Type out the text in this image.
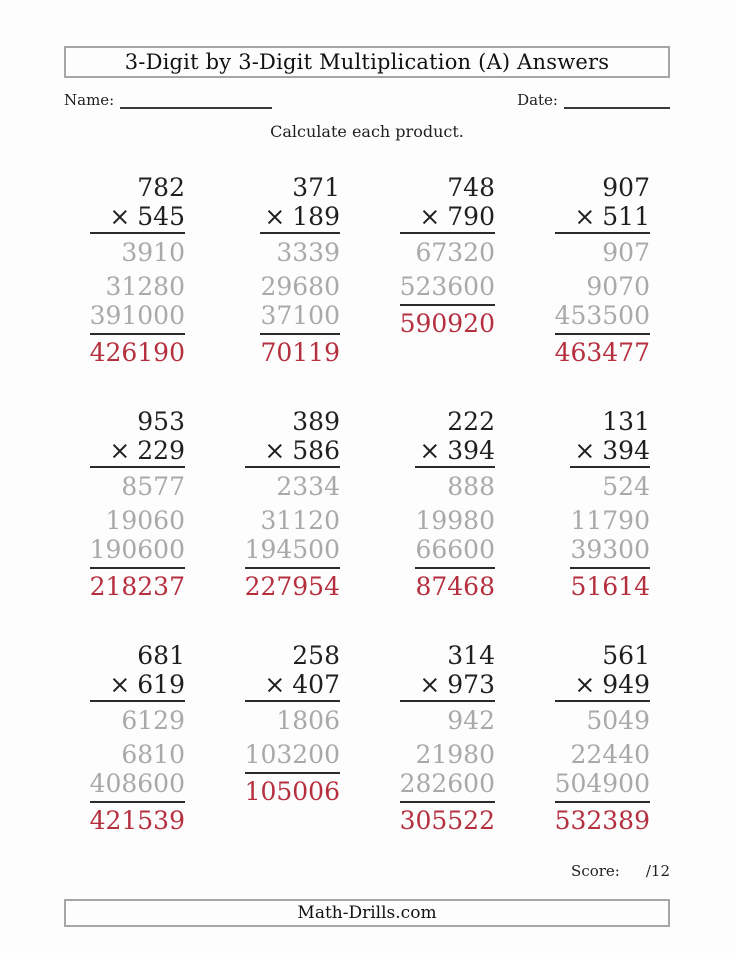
3-Digit by 3-Digit Multiplication (A) Answers
Name:	Date:
Calculate each product.
782
× 545
3910
31280
391000
426190
371
× 189
3339
29680
37100
70119
748
× 790
67320
523600
590920
907
× 511
907
9070
453500
463477
953
× 229
8577
19060
190600
218237
389
× 586
2334
31120
194500
227954
222
× 394
888
19980
66600
87468
131
× 394
524
11790
39300
51614
681
× 619
6129
6810
408600
421539
258
× 407
1806
103200
105006
314
× 973
942
21980
282600
305522
561
× 949
5049
22440
504900
532389
Score: /12
Math-Drills.com
